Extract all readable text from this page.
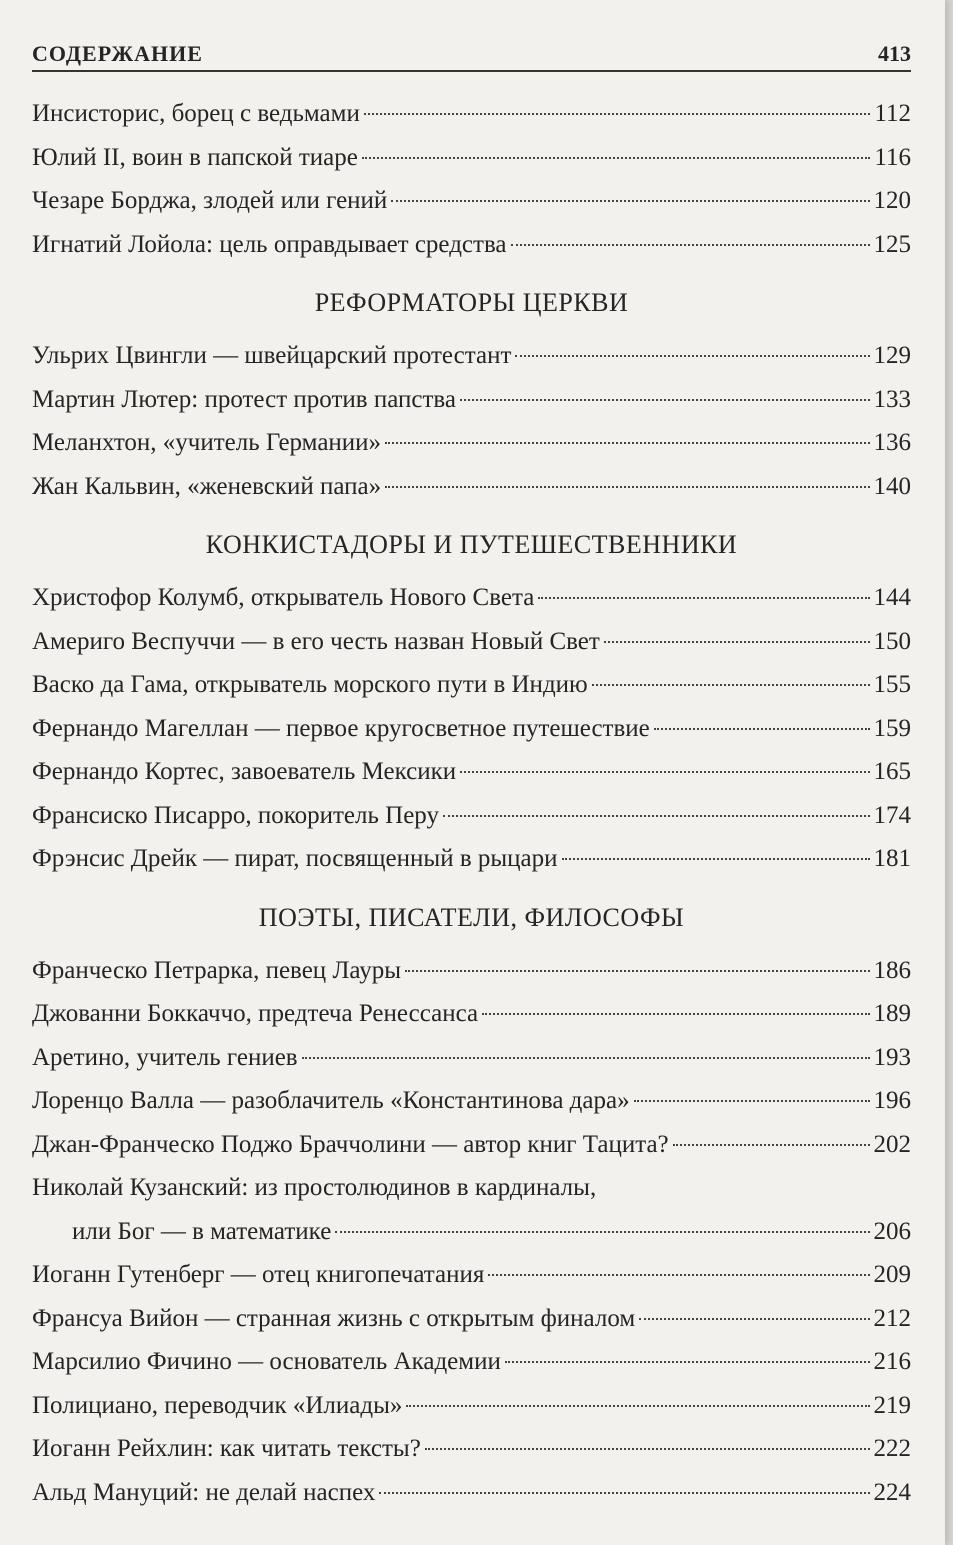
СОДЕРЖАНИЕ	413
Инсисторис, борец с ведьмами	112
Юлий II, воин в папской тиаре	116
Чезаре Борджа, злодей или гений	120
Игнатий Лойола: цель оправдывает средства	125
РЕФОРМАТОРЫ ЦЕРКВИ
Ульрих Цвингли — швейцарский протестант	129
Мартин Лютер: протест против папства	133
Меланхтон, «учитель Германии»	136
Жан Кальвин, «женевский папа»	140
КОНКИСТАДОРЫ И ПУТЕШЕСТВЕННИКИ
Христофор Колумб, открыватель Нового Света	144
Америго Веспуччи — в его честь назван Новый Свет	150
Васко да Гама, открыватель морского пути в Индию	155
Фернандо Магеллан — первое кругосветное путешествие	159
Фернандо Кортес, завоеватель Мексики	165
Франсиско Писарро, покоритель Перу	174
Фрэнсис Дрейк — пират, посвященный в рыцари	181
ПОЭТЫ, ПИСАТЕЛИ, ФИЛОСОФЫ
Франческо Петрарка, певец Лауры	186
Джованни Боккаччо, предтеча Ренессанса	189
Аретино, учитель гениев	193
Лоренцо Валла — разоблачитель «Константинова дара»	196
Джан-Франческо Поджо Браччолини — автор книг Тацита?	202
Николай Кузанский: из простолюдинов в кардиналы,
или Бог — в математике	206
Иоганн Гутенберг — отец книгопечатания	209
Франсуа Вийон — странная жизнь с открытым финалом	212
Марсилио Фичино — основатель Академии	216
Полициано, переводчик «Илиады»	219
Иоганн Рейхлин: как читать тексты?	222
Альд Мануций: не делай наспех	224
